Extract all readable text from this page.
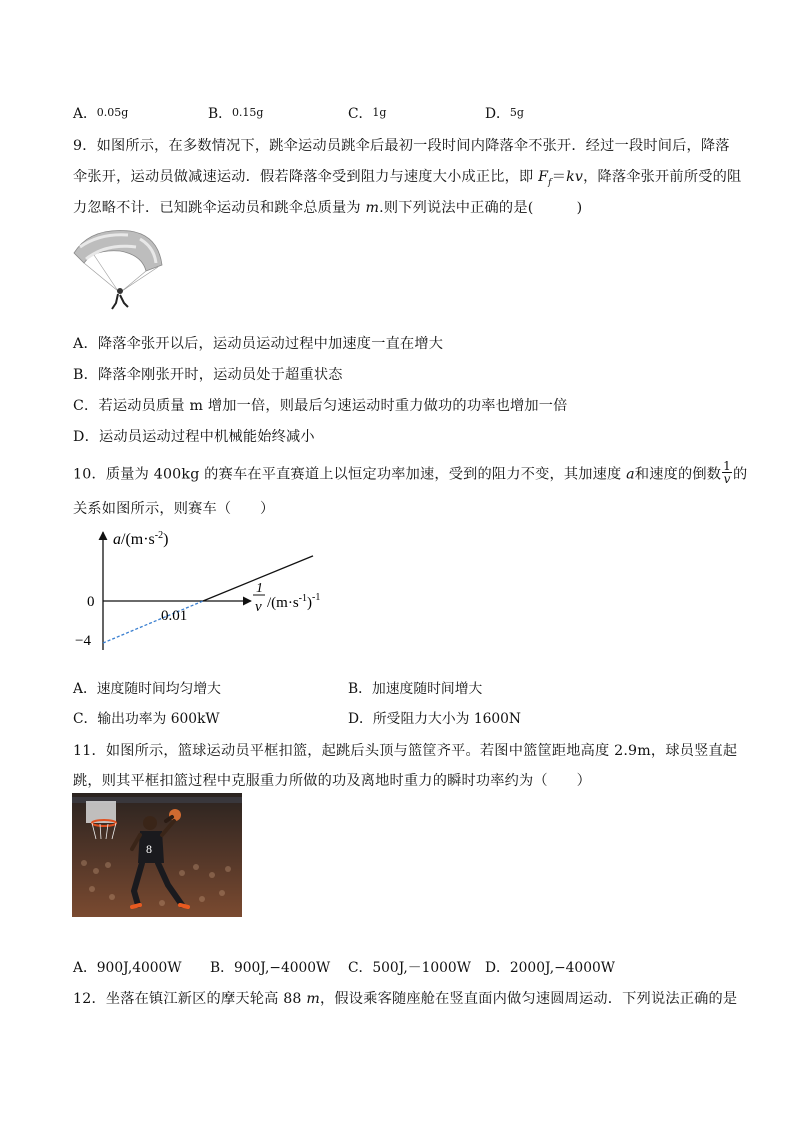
A．0.05g	B．0.15g	C．1g	D．5g
9．如图所示，在多数情况下，跳伞运动员跳伞后最初一段时间内降落伞不张开．经过一段时间后，降落
伞张开，运动员做减速运动．假若降落伞受到阻力与速度大小成正比，即 $F_f=kv$，降落伞张开前所受的阻
力忽略不计．已知跳伞运动员和跳伞总质量为 m.则下列说法中正确的是(　　　)
A．降落伞张开以后，运动员运动过程中加速度一直在增大
B．降落伞刚张开时，运动员处于超重状态
C．若运动员质量 m 增加一倍，则最后匀速运动时重力做功的功率也增加一倍
D．运动员运动过程中机械能始终减小
10．质量为 400kg 的赛车在平直赛道上以恒定功率加速，受到的阻力不变，其加速度 a和速度的倒数 $\frac{1}{v}$ 的
关系如图所示，则赛车（　　）
$a/(m\cdot s^{-2})$
0
0.01
−4
1
v $/(m\cdot s^{-1})^{-1}$
A．速度随时间均匀增大	B．加速度随时间增大
C．输出功率为 600kW	D．所受阻力大小为 1600N
11．如图所示，篮球运动员平框扣篮，起跳后头顶与篮筐齐平。若图中篮筐距地高度 2.9m，球员竖直起
跳，则其平框扣篮过程中克服重力所做的功及离地时重力的瞬时功率约为（　　）
8
A．900J,4000W B．900J,−4000W C．500J,－1000W D．2000J,−4000W
12．坐落在镇江新区的摩天轮高 88 m，假设乘客随座舱在竖直面内做匀速圆周运动．下列说法正确的是
